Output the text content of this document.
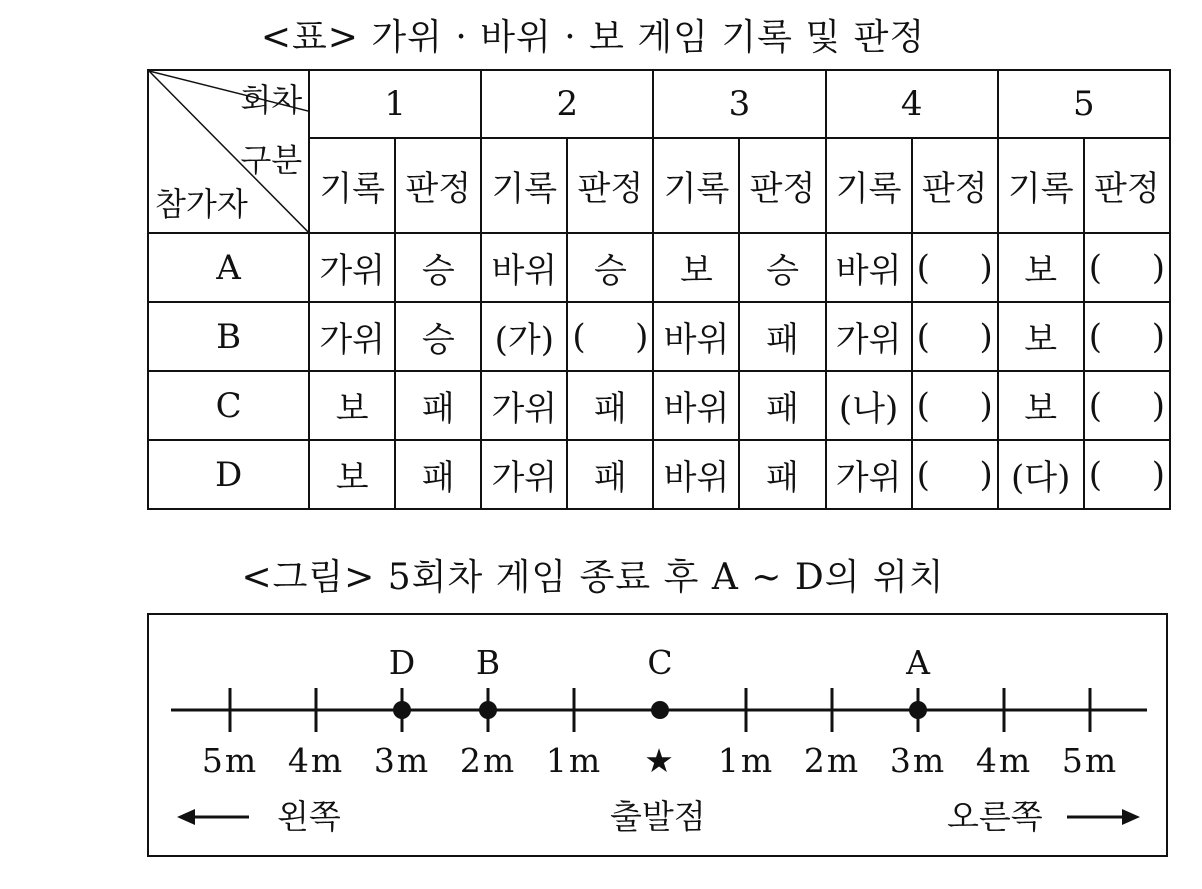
<표> 가위 · 바위 · 보 게임 기록 및 판정
회차
구분
참가자	1		2		3		4		5	
	기록	판정	기록	판정	기록	판정	기록	판정	기록	판정
A	가위	승	바위	승	보	승	바위	( )	보	( )

B	가위	승	(가)	( )	바위	패	가위	( )	보	( )

C	보	패	가위	패	바위	패	(나)	( )	보	( )

D	보	패	가위	패	바위	패	가위	( )	(다)	( )
<그림> 5회차 게임 종료 후 A ~ D의 위치
D B	C	A
5m 4m 3m 2m 1m	1m 2m 3m 4m 5m
★
왼쪽	출발점	오른쪽
